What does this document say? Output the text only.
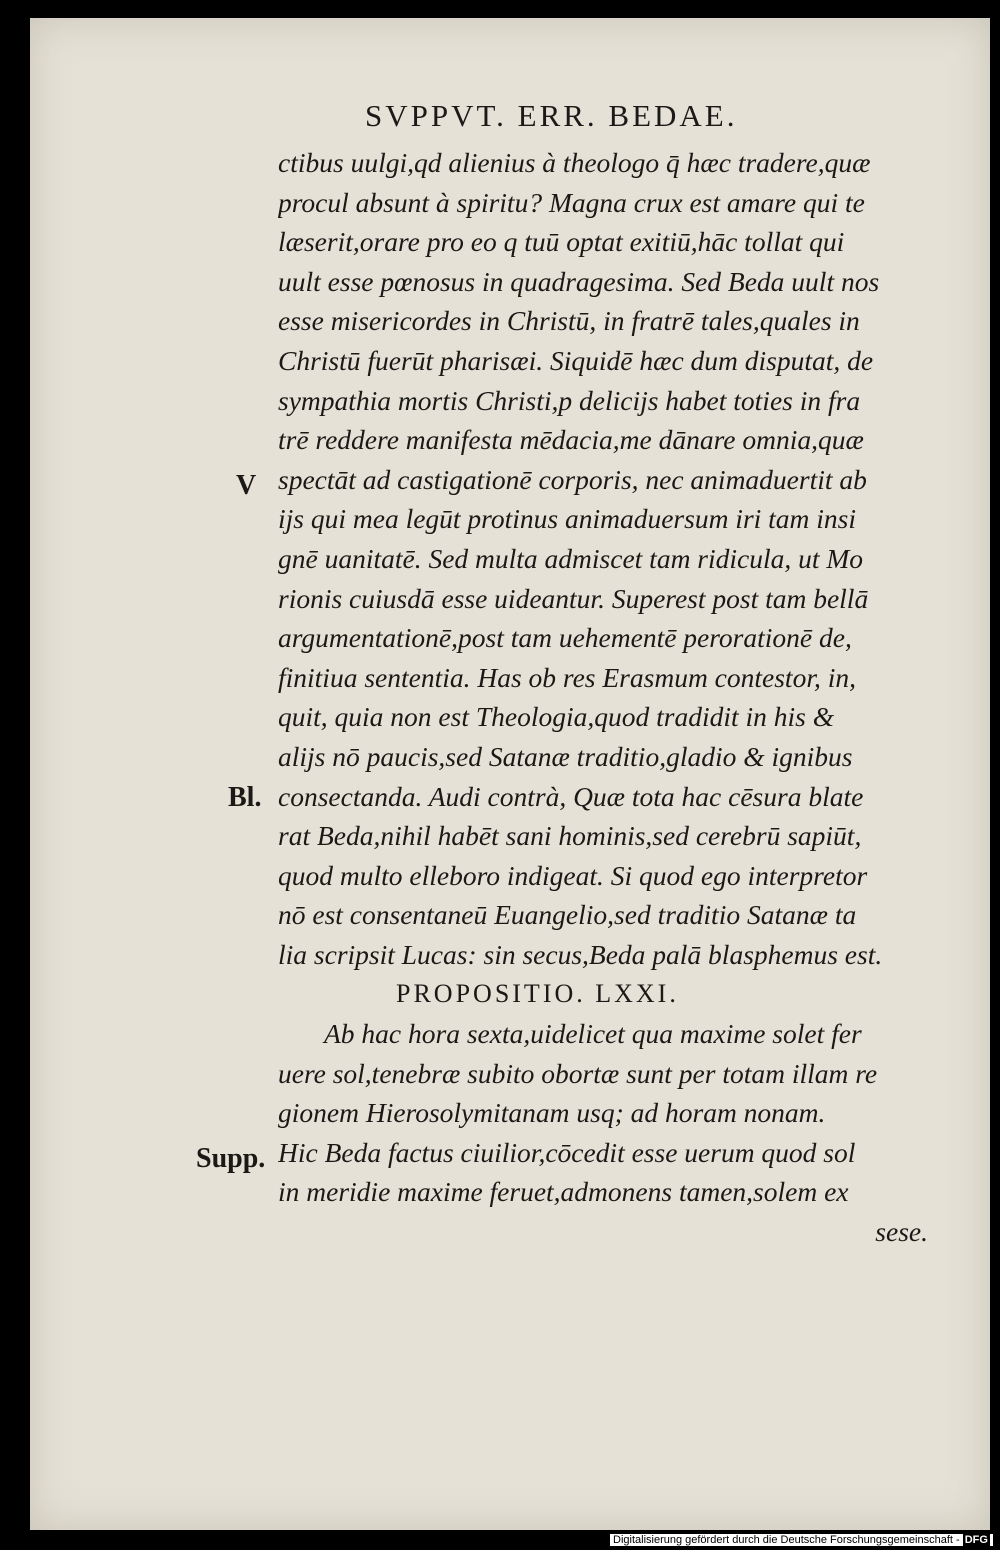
SVPPVT. ERR. BEDAE.
ctibus uulgi,qd alienius à theologo q̄ hæc tradere,quæ
procul absunt à spiritu? Magna crux est amare qui te
læserit,orare pro eo q tuū optat exitiū,hāc tollat qui
uult esse pœnosus in quadragesima. Sed Beda uult nos
esse misericordes in Christū, in fratrē tales,quales in
Christū fuerūt pharisæi. Siquidē hæc dum disputat, de
sympathia mortis Christi,p delicijs habet toties in fra
trē reddere manifesta mēdacia,me dānare omnia,quæ
spectāt ad castigationē corporis, nec animaduertit ab
ijs qui mea legūt protinus animaduersum iri tam insi
gnē uanitatē. Sed multa admiscet tam ridicula, ut Mo
rionis cuiusdā esse uideantur. Superest post tam bellā
argumentationē,post tam uehementē perorationē de,
finitiua sententia. Has ob res Erasmum contestor, in,
quit, quia non est Theologia,quod tradidit in his &
alijs nō paucis,sed Satanæ traditio,gladio & ignibus
consectanda. Audi contrà, Quæ tota hac cēsura blate
rat Beda,nihil habēt sani hominis,sed cerebrū sapiūt,
quod multo elleboro indigeat. Si quod ego interpretor
nō est consentaneū Euangelio,sed traditio Satanæ ta
lia scripsit Lucas: sin secus,Beda palā blasphemus est.
PROPOSITIO. LXXI.
Ab hac hora sexta,uidelicet qua maxime solet fer
uere sol,tenebræ subito obortæ sunt per totam illam re
gionem Hierosolymitanam usq; ad horam nonam.
Hic Beda factus ciuilior,cōcedit esse uerum quod sol
in meridie maxime feruet,admonens tamen,solem ex
sese.
V
Bl.
Supp.
Digitalisierung gefördert durch die Deutsche Forschungsgemeinschaft - DFG
